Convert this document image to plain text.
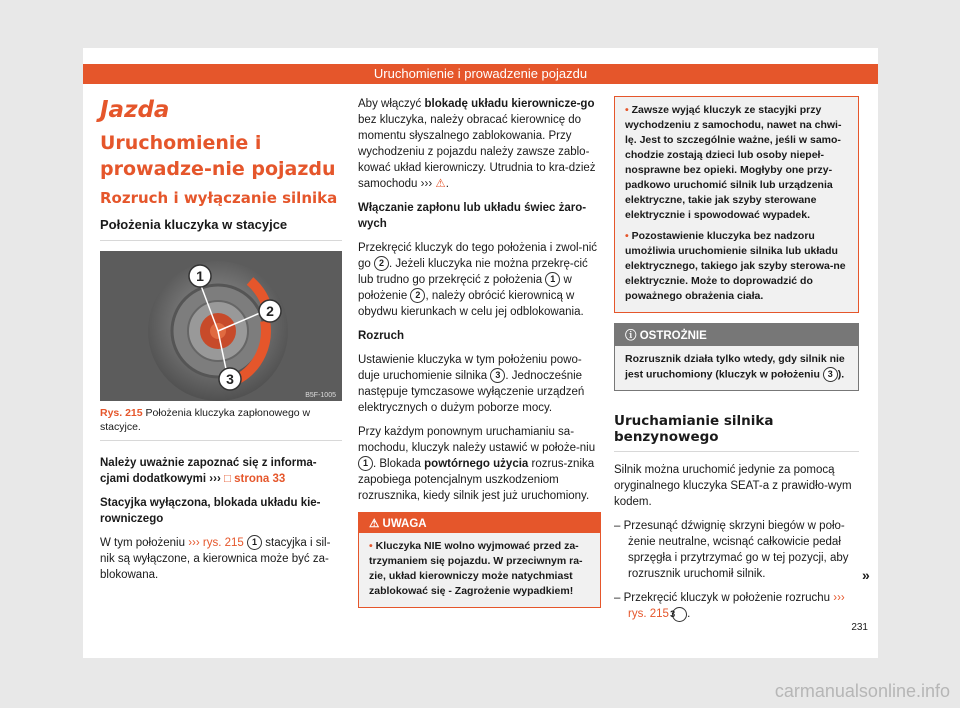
Uruchomienie i prowadzenie pojazdu
Jazda
Uruchomienie i prowadze-nie pojazdu
Rozruch i wyłączanie silnika
Położenia kluczyka w stacyjce
1
2
3
B5F-1005
Rys. 215 Położenia kluczyka zapłonowego w stacyjce.

Należy uważnie zapoznać się z informa-cjami dodatkowymi ››› □ strona 33

Stacyjka wyłączona, blokada układu kie-rowniczego

W tym położeniu ››› rys. 215 1 stacyjka i sil-nik są wyłączone, a kierownica może być za-blokowana.

Aby włączyć blokadę układu kierownicze-go bez kluczyka, należy obracać kierownicę do momentu słyszalnego zablokowania. Przy wychodzeniu z pojazdu należy zawsze zablo-kować układ kierowniczy. Utrudnia to kra-dzież samochodu ››› ⚠.

Włączanie zapłonu lub układu świec żaro-wych

Przekręcić kluczyk do tego położenia i zwol-nić go 2 . Jeżeli kluczyka nie można przekrę-cić lub trudno go przekręcić z położenia 1 w położenie 2 , należy obrócić kierownicą w obydwu kierunkach w celu jej odblokowania.

Rozruch

Ustawienie kluczyka w tym położeniu powo-duje uruchomienie silnika 3 . Jednocześnie następuje tymczasowe wyłączenie urządzeń elektrycznych o dużym poborze mocy.

Przy każdym ponownym uruchamianiu sa-mochodu, kluczyk należy ustawić w położe-niu 1 . Blokada powtórnego użycia rozrus-znika zapobiega potencjalnym uszkodzeniom rozrusznika, kiedy silnik jest już uruchomiony.

⚠ UWAGA
• Kluczyka NIE wolno wyjmować przed za-trzymaniem się pojazdu. W przeciwnym ra-zie, układ kierowniczy może natychmiast zablokować się - Zagrożenie wypadkiem!
• Zawsze wyjąć kluczyk ze stacyjki przy wychodzeniu z samochodu, nawet na chwi-lę. Jest to szczególnie ważne, jeśli w samo-chodzie zostają dzieci lub osoby niepeł-nosprawne bez opieki. Mogłyby one przy-padkowo uruchomić silnik lub urządzenia elektryczne, takie jak szyby sterowane elektrycznie i spowodować wypadek.
• Pozostawienie kluczyka bez nadzoru umożliwia uruchomienie silnika lub układu elektrycznego, takiego jak szyby sterowa-ne elektrycznie. Może to doprowadzić do poważnego obrażenia ciała.
ⓘ OSTROŻNIE
Rozrusznik działa tylko wtedy, gdy silnik nie jest uruchomiony (kluczyk w położeniu 3 ).
Uruchamianie silnika benzynowego

Silnik można uruchomić jedynie za pomocą oryginalnego kluczyka SEAT-a z prawidło-wym kodem.

– Przesunąć dźwignię skrzyni biegów w poło-żenie neutralne, wcisnąć całkowicie pedał sprzęgła i przytrzymać go w tej pozycji, aby rozrusznik uruchomił silnik.

– Przekręcić kluczyk w położenie rozruchu ››› rys. 215 3 .

»
231
carmanualsonline.info
